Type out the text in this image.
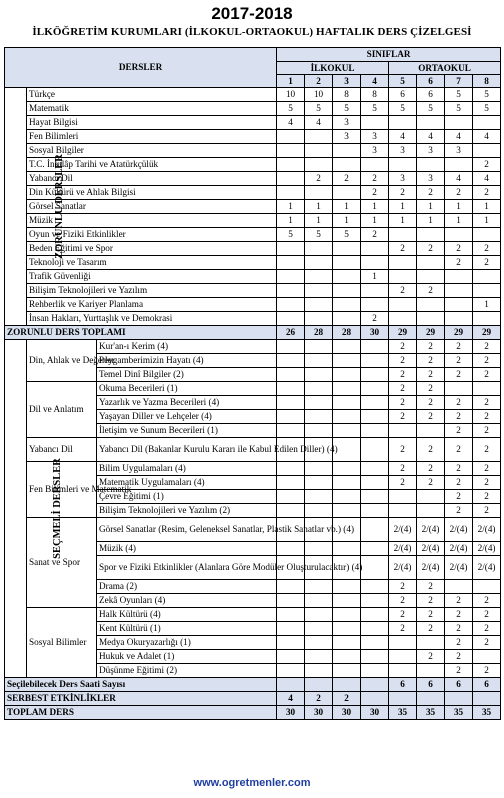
2017-2018
İLKÖĞRETİM KURUMLARI (İLKOKUL-ORTAOKUL) HAFTALIK DERS ÇİZELGESİ
DERSLER			SINIFLAR							
			İLKOKUL				ORTAOKUL			
			1	2	3	4	5	6	7	8
ZORUNLU DERSLER	Türkçe		10	10	8	8	6	6	5	5
	Matematik		5	5	5	5	5	5	5	5
	Hayat Bilgisi		4	4	3					
	Fen Bilimleri				3	3	4	4	4	4
	Sosyal Bilgiler					3	3	3	3	
	T.C. İnkılâp Tarihi ve Atatürkçülük									2
	Yabancı Dil			2	2	2	3	3	4	4
	Din Kültürü ve Ahlak Bilgisi					2	2	2	2	2
	Görsel Sanatlar		1	1	1	1	1	1	1	1
	Müzik		1	1	1	1	1	1	1	1
	Oyun ve Fiziki Etkinlikler		5	5	5	2				
	Beden Eğitimi ve Spor						2	2	2	2
	Teknoloji ve Tasarım								2	2
	Trafik Güvenliği					1				
	Bilişim Teknolojileri ve Yazılım						2	2		
	Rehberlik ve Kariyer Planlama									1
	İnsan Hakları, Yurttaşlık ve Demokrasi					2				
ZORUNLU DERS TOPLAMI			26	28	28	30	29	29	29	29
SEÇMELİ DERSLER	Din, Ahlak ve Değerler	Kur'an-ı Kerim (4)					2	2	2	2
		Peygamberimizin Hayatı (4)					2	2	2	2
		Temel Dinî Bilgiler (2)					2	2	2	2
	Dil ve Anlatım	Okuma Becerileri (1)					2	2		
		Yazarlık ve Yazma Becerileri (4)					2	2	2	2
		Yaşayan Diller ve Lehçeler (4)					2	2	2	2
		İletişim ve Sunum Becerileri (1)							2	2
	Yabancı Dil	Yabancı Dil (Bakanlar Kurulu Kararı ile Kabul Edilen Diller) (4)					2	2	2	2
	Fen Bilimleri ve Matematik	Bilim Uygulamaları (4)					2	2	2	2
		Matematik Uygulamaları (4)					2	2	2	2
		Çevre Eğitimi (1)							2	2
		Bilişim Teknolojileri ve Yazılım (2)							2	2
	Sanat ve Spor	Görsel Sanatlar (Resim, Geleneksel Sanatlar, Plastik Sanatlar vb.) (4)					2/(4)	2/(4)	2/(4)	2/(4)
		Müzik (4)					2/(4)	2/(4)	2/(4)	2/(4)
		Spor ve Fiziki Etkinlikler (Alanlara Göre Modüler Oluşturulacaktır) (4)					2/(4)	2/(4)	2/(4)	2/(4)
		Drama (2)					2	2		
		Zekâ Oyunları (4)					2	2	2	2
	Sosyal Bilimler	Halk Kültürü (4)					2	2	2	2
		Kent Kültürü (1)					2	2	2	2
		Medya Okuryazarlığı (1)							2	2
		Hukuk ve Adalet (1)						2	2	
		Düşünme Eğitimi (2)							2	2
Seçilebilecek Ders Saati Sayısı							6	6	6	6
SERBEST ETKİNLİKLER			4	2	2					
TOPLAM DERS			30	30	30	30	35	35	35	35
www.ogretmenler.com
